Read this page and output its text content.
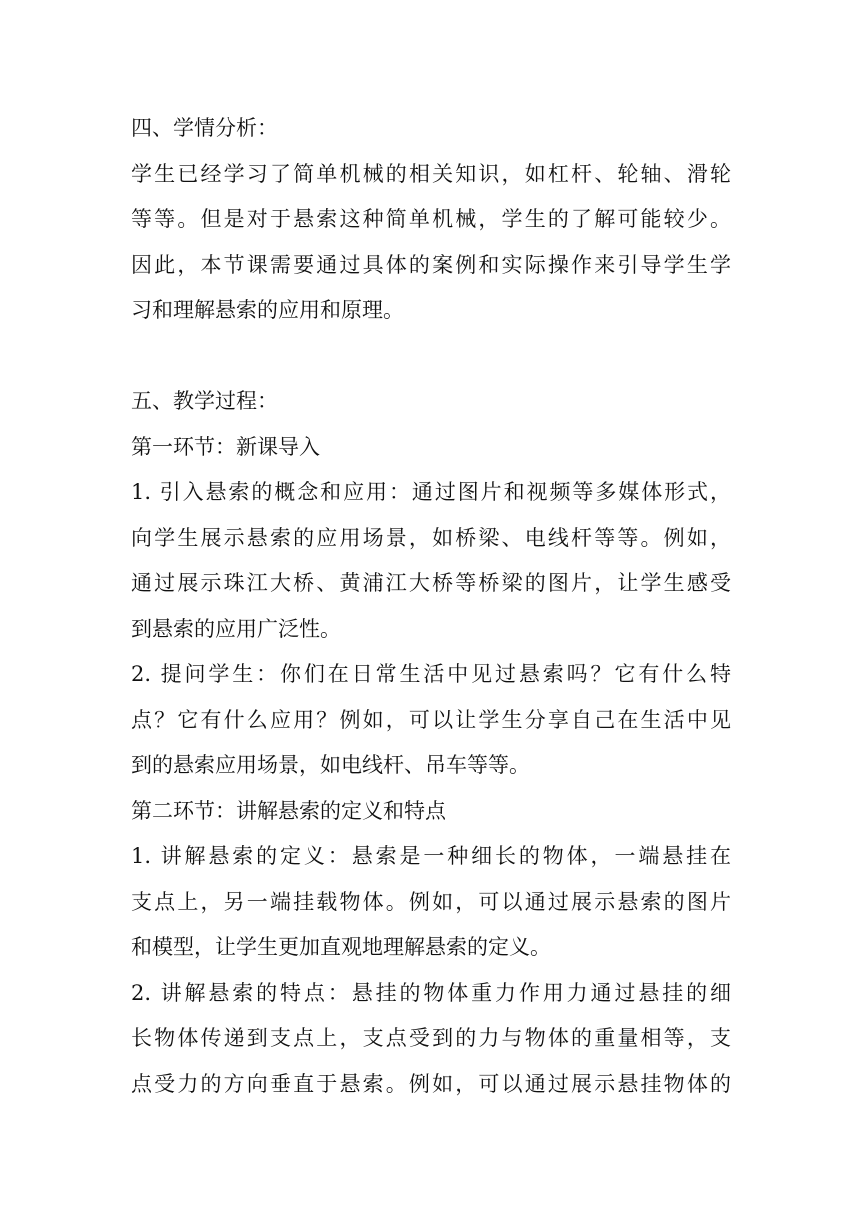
四、学情分析：
学生已经学习了简单机械的相关知识，如杠杆、轮轴、滑轮
等等。但是对于悬索这种简单机械，学生的了解可能较少。
因此，本节课需要通过具体的案例和实际操作来引导学生学
习和理解悬索的应用和原理。
五、教学过程：
第一环节：新课导入
1. 引入悬索的概念和应用：通过图片和视频等多媒体形式，
向学生展示悬索的应用场景，如桥梁、电线杆等等。例如，
通过展示珠江大桥、黄浦江大桥等桥梁的图片，让学生感受
到悬索的应用广泛性。
2. 提问学生：你们在日常生活中见过悬索吗？它有什么特
点？它有什么应用？例如，可以让学生分享自己在生活中见
到的悬索应用场景，如电线杆、吊车等等。
第二环节：讲解悬索的定义和特点
1. 讲解悬索的定义：悬索是一种细长的物体，一端悬挂在
支点上，另一端挂载物体。例如，可以通过展示悬索的图片
和模型，让学生更加直观地理解悬索的定义。
2. 讲解悬索的特点：悬挂的物体重力作用力通过悬挂的细
长物体传递到支点上，支点受到的力与物体的重量相等，支
点受力的方向垂直于悬索。例如，可以通过展示悬挂物体的
